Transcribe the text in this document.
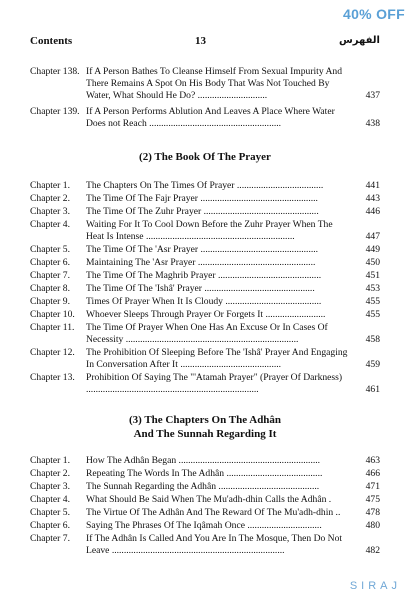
40% OFF
Contents	13	الفهرس
Chapter 138. If A Person Bathes To Cleanse Himself From Sexual Impurity And There Remains A Spot On His Body That Was Not Touched By Water, What Should He Do? .............................	437
Chapter 139. If A Person Performs Ablution And Leaves A Place Where Water Does not Reach .......................................................	438
(2) The Book Of The Prayer
Chapter 1.	The Chapters On The Times Of Prayer ....................................	441
Chapter 2.	The Time Of The Fajr Prayer .................................................	443
Chapter 3.	The Time Of The Zuhr Prayer ................................................	446
Chapter 4.	Waiting For It To Cool Down Before the Zuhr Prayer When The Heat Is Intense ..............................................................	447
Chapter 5.	The Time Of The 'Asr Prayer .................................................	449
Chapter 6.	Maintaining The 'Asr Prayer .................................................	450
Chapter 7.	The Time Of The Maghrib Prayer ...........................................	451
Chapter 8.	The Time Of The 'Ishâ' Prayer ..............................................	453
Chapter 9.	Times Of Prayer When It Is Cloudy ........................................	455
Chapter 10.	Whoever Sleeps Through Prayer Or Forgets It .........................	455
Chapter 11.	The Time Of Prayer When One Has An Excuse Or In Cases Of Necessity ........................................................................	458
Chapter 12.	The Prohibition Of Sleeping Before The 'Ishâ' Prayer And Engaging In Conversation After It ..........................................	459
Chapter 13.	Prohibition Of Saying The "'Atamah Prayer" (Prayer Of Darkness) ........................................................................	461
(3) The Chapters On The Adhân
And The Sunnah Regarding It
Chapter 1.	How The Adhân Began ...........................................................	463
Chapter 2.	Repeating The Words In The Adhân ........................................	466
Chapter 3.	The Sunnah Regarding the Adhân ..........................................	471
Chapter 4.	What Should Be Said When The Mu'adh-dhin Calls the Adhân .	475
Chapter 5.	The Virtue Of The Adhân And The Reward Of The Mu'adh-dhin ..	478
Chapter 6.	Saying The Phrases Of The Iqâmah Once ...............................	480
Chapter 7.	If The Adhân Is Called And You Are In The Mosque, Then Do Not Leave ........................................................................	482
SIRAJ
